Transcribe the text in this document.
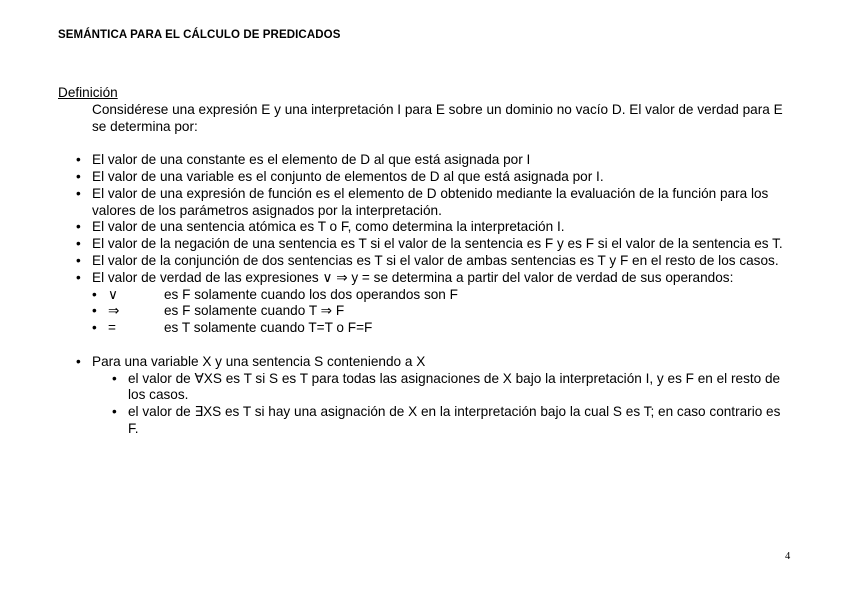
SEMÁNTICA PARA EL CÁLCULO DE PREDICADOS
Definición
Considérese una expresión E y una interpretación I para E sobre un dominio no vacío D. El valor de verdad para E se determina por:
• El valor de una constante es el elemento de D al que está asignada por I
• El valor de una variable es el conjunto de elementos de D al que está asignada por I.
• El valor de una expresión de función es el elemento de D obtenido mediante la evaluación de la función para los valores de los parámetros asignados por la interpretación.
• El valor de una sentencia atómica es T o F, como determina la interpretación I.
• El valor de la negación de una sentencia es T si el valor de la sentencia es F y es F si el valor de la sentencia es T.
• El valor de la conjunción de dos sentencias es T si el valor de ambas sentencias es T y F en el resto de los casos.
• El valor de verdad de las expresiones ∨ ⇒ y = se determina a partir del valor de verdad de sus operandos:
• ∨	es F solamente cuando los dos operandos son F
• ⇒	es F solamente cuando T ⇒ F
• =	es T solamente cuando T=T o F=F
• Para una variable X y una sentencia S conteniendo a X
• el valor de ∀XS es T si S es T para todas las asignaciones de X bajo la interpretación I, y es F en el resto de los casos.
• el valor de ∃XS es T si hay una asignación de X en la interpretación bajo la cual S es T; en caso contrario es F.
4
